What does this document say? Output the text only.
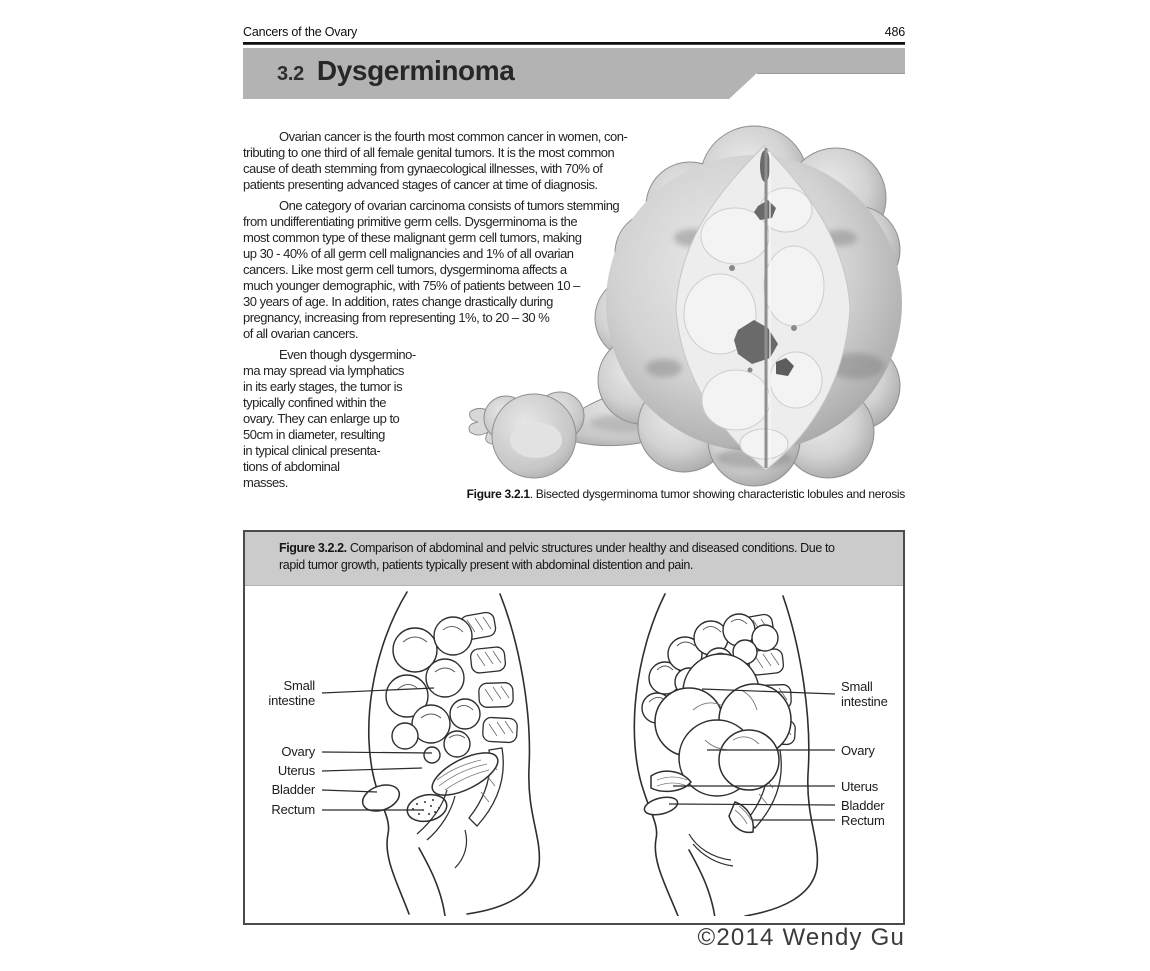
Cancers of the Ovary	486
3.2 Dysgerminoma
Ovarian cancer is the fourth most common cancer in women, con-
tributing to one third of all female genital tumors. It is the most common
cause of death stemming from gynaecological illnesses, with 70% of
patients presenting advanced stages of cancer at time of diagnosis.
One category of ovarian carcinoma consists of tumors stemming
from undifferentiating primitive germ cells. Dysgerminoma is the
most common type of these malignant germ cell tumors, making
up 30 - 40% of all germ cell malignancies and 1% of all ovarian
cancers. Like most germ cell tumors, dysgerminoma affects a
much younger demographic, with 75% of patients between 10 –
30 years of age. In addition, rates change drastically during
pregnancy, increasing from representing 1%, to 20 – 30 %
of all ovarian cancers.
Even though dysgermino-
ma may spread via lymphatics
in its early stages, the tumor is
typically confined within the
ovary. They can enlarge up to
50cm in diameter, resulting
in typical clinical presenta-
tions of abdominal
masses.
Figure 3.2.1. Bisected dysgerminoma tumor showing characteristic lobules and nerosis
Figure 3.2.2. Comparison of abdominal and pelvic structures under healthy and diseased conditions. Due to
rapid tumor growth, patients typically present with abdominal distention and pain.
Small
intestine
Ovary
Uterus
Bladder
Rectum
Small
intestine
Ovary
Uterus
Bladder
Rectum
©2014 Wendy Gu
